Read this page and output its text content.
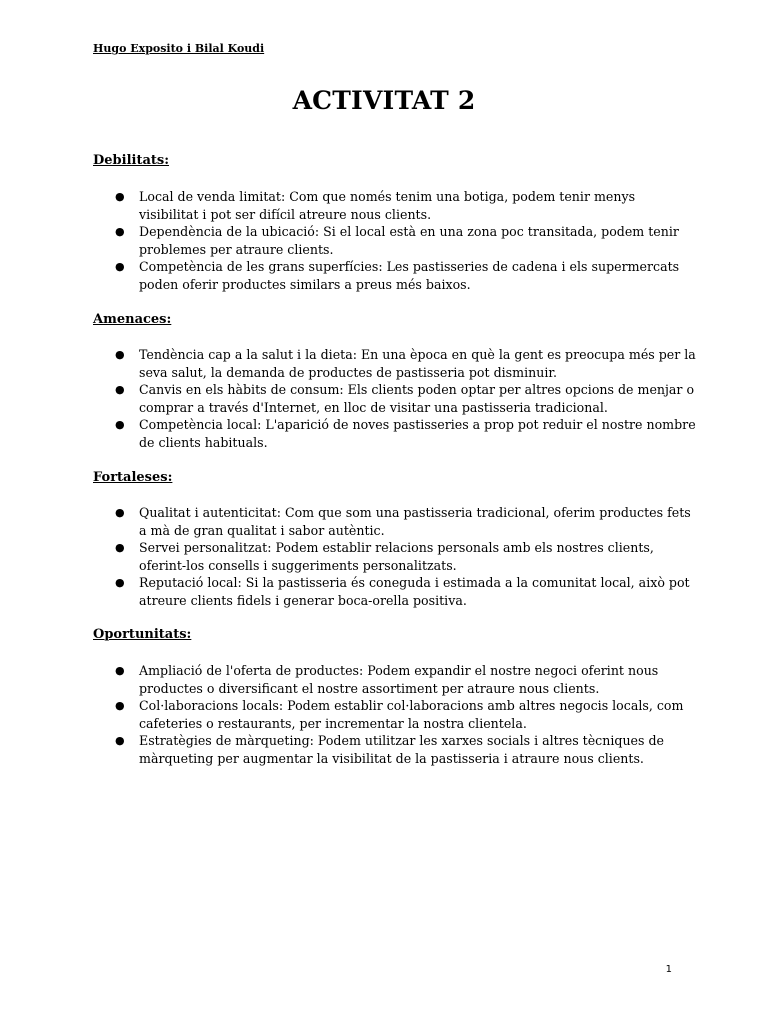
Hugo Exposito i Bilal Koudi
ACTIVITAT 2
Debilitats:
● Local de venda limitat: Com que només tenim una botiga, podem tenir menys visibilitat i pot ser difícil atreure nous clients.
● Dependència de la ubicació: Si el local està en una zona poc transitada, podem tenir problemes per atraure clients.
● Competència de les grans superfícies: Les pastisseries de cadena i els supermercats poden oferir productes similars a preus més baixos.
Amenaces:
● Tendència cap a la salut i la dieta: En una època en què la gent es preocupa més per la seva salut, la demanda de productes de pastisseria pot disminuir.
● Canvis en els hàbits de consum: Els clients poden optar per altres opcions de menjar o comprar a través d'Internet, en lloc de visitar una pastisseria tradicional.
● Competència local: L'aparició de noves pastisseries a prop pot reduir el nostre nombre de clients habituals.
Fortaleses:
● Qualitat i autenticitat: Com que som una pastisseria tradicional, oferim productes fets a mà de gran qualitat i sabor autèntic.
● Servei personalitzat: Podem establir relacions personals amb els nostres clients, oferint-los consells i suggeriments personalitzats.
● Reputació local: Si la pastisseria és coneguda i estimada a la comunitat local, això pot atreure clients fidels i generar boca-orella positiva.
Oportunitats:
● Ampliació de l'oferta de productes: Podem expandir el nostre negoci oferint nous productes o diversificant el nostre assortiment per atraure nous clients.
● Col·laboracions locals: Podem establir col·laboracions amb altres negocis locals, com cafeteries o restaurants, per incrementar la nostra clientela.
● Estratègies de màrqueting: Podem utilitzar les xarxes socials i altres tècniques de màrqueting per augmentar la visibilitat de la pastisseria i atraure nous clients.
1
